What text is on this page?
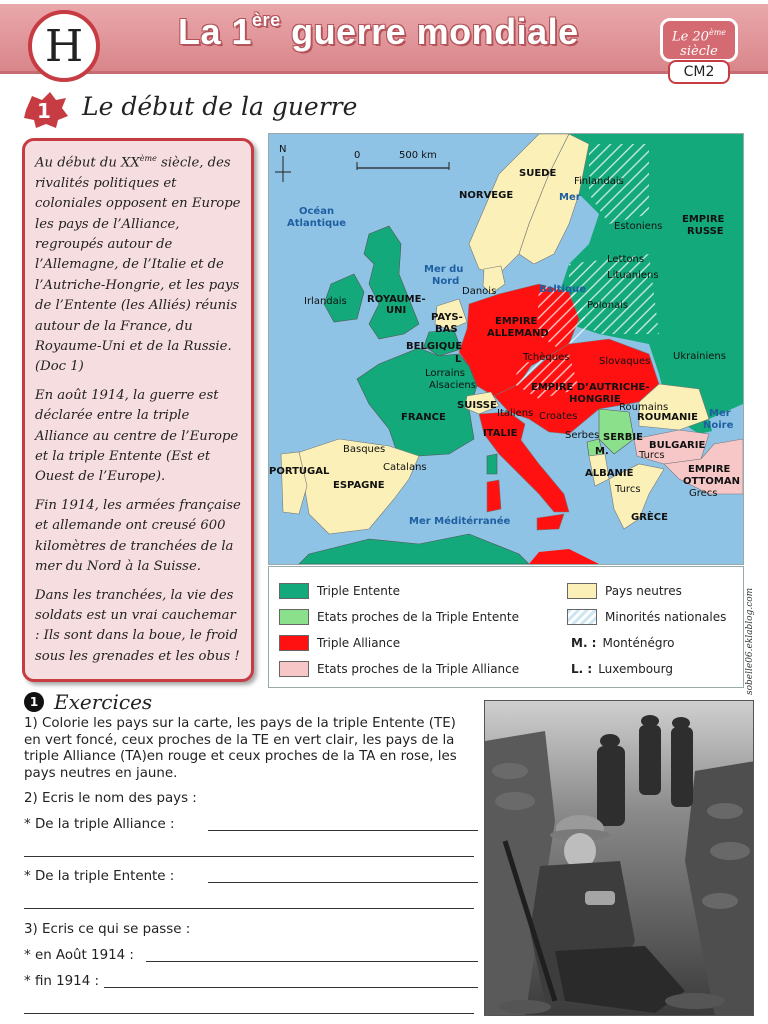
H	La 1ère guerre mondiale	Le 20ème
siècle
CM2
1 Le début de la guerre

Au début du XXème siècle, des rivalités politiques et coloniales opposent en Europe les pays de l’Alliance, regroupés autour de l’Allemagne, de l’Italie et de l’Autriche-Hongrie, et les pays de l’Entente (les Alliés) réunis autour de la France, du Royaume-Uni et de la Russie. (Doc 1)

En août 1914, la guerre est déclarée entre la triple Alliance au centre de l’Europe et la triple Entente (Est et Ouest de l’Europe).

Fin 1914, les armées française et allemande ont creusé 600 kilomètres de tranchées de la mer du Nord à la Suisse.

Dans les tranchées, la vie des soldats est un vrai cauchemar : Ils sont dans la boue, le froid sous les grenades et les obus !

N
0	500 km
SUEDE
Finlandais
NORVEGE	Mer
Océan
Atlantique	Estoniens
EMPIRE
RUSSE
Mer du
Nord
Baltique
Lettons
Lituaniens
Irlandais ROYAUME-
UNI
Danois
Polonais
PAYS-
BAS
EMPIRE
ALLEMAND
BELGIQUE
L	Tchèques	Slovaques Ukrainiens
Lorrains
Alsaciens	EMPIRE D’AUTRICHE-
HONGRIE
Roumains
SUISSE
FRANCE	Italiens Croates	ROUMANIE Mer
Noire
ITALIE	Serbes SERBIE
M.
BULGARIE
Basques
Turcs
PORTUGAL	Catalans
ALBANIE	EMPIRE
OTTOMAN
ESPAGNE	Turcs	Grecs
GRÈCE
Mer Méditérranée
Triple Entente
Etats proches de la Triple Entente
Triple Alliance
Etats proches de la Triple Alliance
Pays neutres
Minorités nationales
M. : Monténégro
L. : Luxembourg	sobelle06.eklablog.com
1 Exercices
1) Colorie les pays sur la carte, les pays de la triple Entente (TE) en vert foncé, ceux proches de la TE en vert clair, les pays de la triple Alliance (TA)en rouge et ceux proches de la TA en rose, les pays neutres en jaune.
2) Ecris le nom des pays :
* De la triple Alliance :
* De la triple Entente :
3) Ecris ce qui se passe :
* en Août 1914 :
* fin 1914 :
